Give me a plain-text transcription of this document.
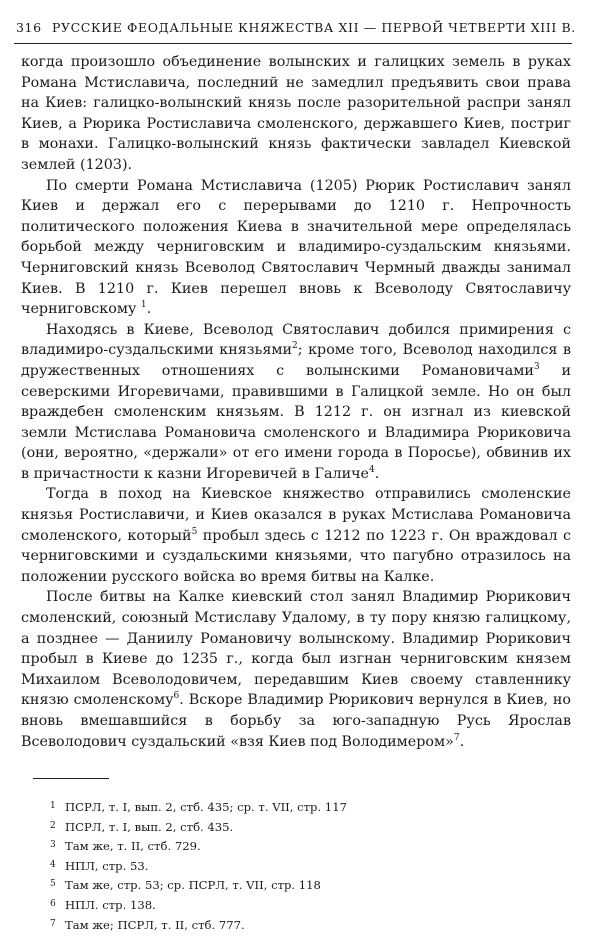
316 РУССКИЕ ФЕОДАЛЬНЫЕ КНЯЖЕСТВА XII — ПЕРВОЙ ЧЕТВЕРТИ XIII В.

когда произошло объединение волынских и галицких земель в руках Романа Мстиславича, последний не замедлил предъявить свои права на Киев: галицко-волынский князь после разорительной распри занял Киев, а Рюрика Ростиславича смоленского, державшего Киев, постриг в монахи. Галицко-волынский князь фактически завладел Киевской землей (1203).

По смерти Романа Мстиславича (1205) Рюрик Ростиславич занял Киев и держал его с перерывами до 1210 г. Непрочность политического положения Киева в значительной мере определялась борьбой между черниговским и владимиро-суздальским князьями. Черниговский князь Всеволод Святославич Чермный дважды занимал Киев. В 1210 г. Киев перешел вновь к Всеволоду Святославичу черниговскому $^1$.

Находясь в Киеве, Всеволод Святославич добился примирения с владимиро-суздальскими князьями$^2$; кроме того, Всеволод находился в дружественных отношениях с волынскими Романовичами$^3$ и северскими Игоревичами, правившими в Галицкой земле. Но он был враждебен смоленским князьям. В 1212 г. он изгнал из киевской земли Мстислава Романовича смоленского и Владимира Рюриковича (они, вероятно, «держали» от его имени города в Поросье), обвинив их в причастности к казни Игоревичей в Галиче$^4$.

Тогда в поход на Киевское княжество отправились смоленские князья Ростиславичи, и Киев оказался в руках Мстислава Романовича смоленского, который$^5$ пробыл здесь с 1212 по 1223 г. Он враждовал с черниговскими и суздальскими князьями, что пагубно отразилось на положении русского войска во время битвы на Калке.

После битвы на Калке киевский стол занял Владимир Рюрикович смоленский, союзный Мстиславу Удалому, в ту пору князю галицкому, а позднее — Даниилу Романовичу волынскому. Владимир Рюрикович пробыл в Киеве до 1235 г., когда был изгнан черниговским князем Михаилом Всеволодовичем, передавшим Киев своему ставленнику князю смоленскому$^6$. Вскоре Владимир Рюрикович вернулся в Киев, но вновь вмешавшийся в борьбу за юго-западную Русь Ярослав Всеволодович суздальский «взя Киев под Володимером»$^7$.

1 ПСРЛ, т. I, вып. 2, стб. 435; ср. т. VII, стр. 117
2 ПСРЛ, т. I, вып. 2, стб. 435.
3 Там же, т. II, стб. 729.
4 НПЛ, стр. 53.
5 Там же, стр. 53; ср. ПСРЛ, т. VII, стр. 118
6 НПЛ. стр. 138.
7 Там же; ПСРЛ, т. II, стб. 777.
